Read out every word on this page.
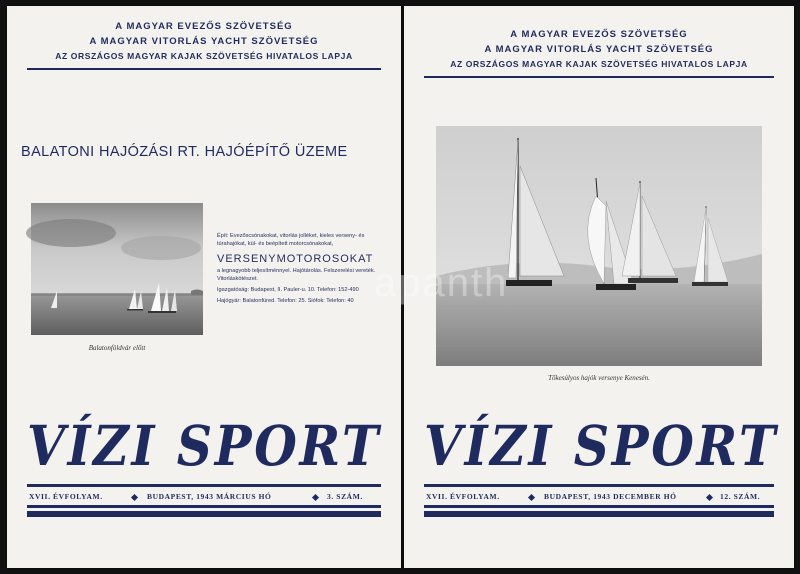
A MAGYAR EVEZŐS SZÖVETSÉG
A MAGYAR VITORLÁS YACHT SZÖVETSÉG
AZ ORSZÁGOS MAGYAR KAJAK SZÖVETSÉG HIVATALOS LAPJA
BALATONI HAJÓZÁSI RT. HAJÓÉPÍTŐ ÜZEME
Balatonföldvár előtt

Épít: Evezőscsónakokat, vitorlás jolléket, kieles verseny- és túrahajókat, kül- és beépített motorcsónakokat,

VERSENYMOTOROSOKAT

a legnagyobb teljesítménnyel. Hajótárolás. Felszerelési vereték. Vitorláskötészet.

Igazgatóság: Budapest, II. Pauler-u. 10. Telefon: 152-490

Hajógyár: Balatonfüred. Telefon: 25. Siófok: Telefon: 40

VÍZI SPORT
XVII. ÉVFOLYAM.	BUDAPEST, 1943 MÁRCIUS HÓ	3. SZÁM.
A MAGYAR EVEZŐS SZÖVETSÉG
A MAGYAR VITORLÁS YACHT SZÖVETSÉG
AZ ORSZÁGOS MAGYAR KAJAK SZÖVETSÉG HIVATALOS LAPJA
Tőkesúlyos hajók versenye Kenesén.
VÍZI SPORT
XVII. ÉVFOLYAM.	BUDAPEST, 1943 DECEMBER HÓ	12. SZÁM.
apanth
